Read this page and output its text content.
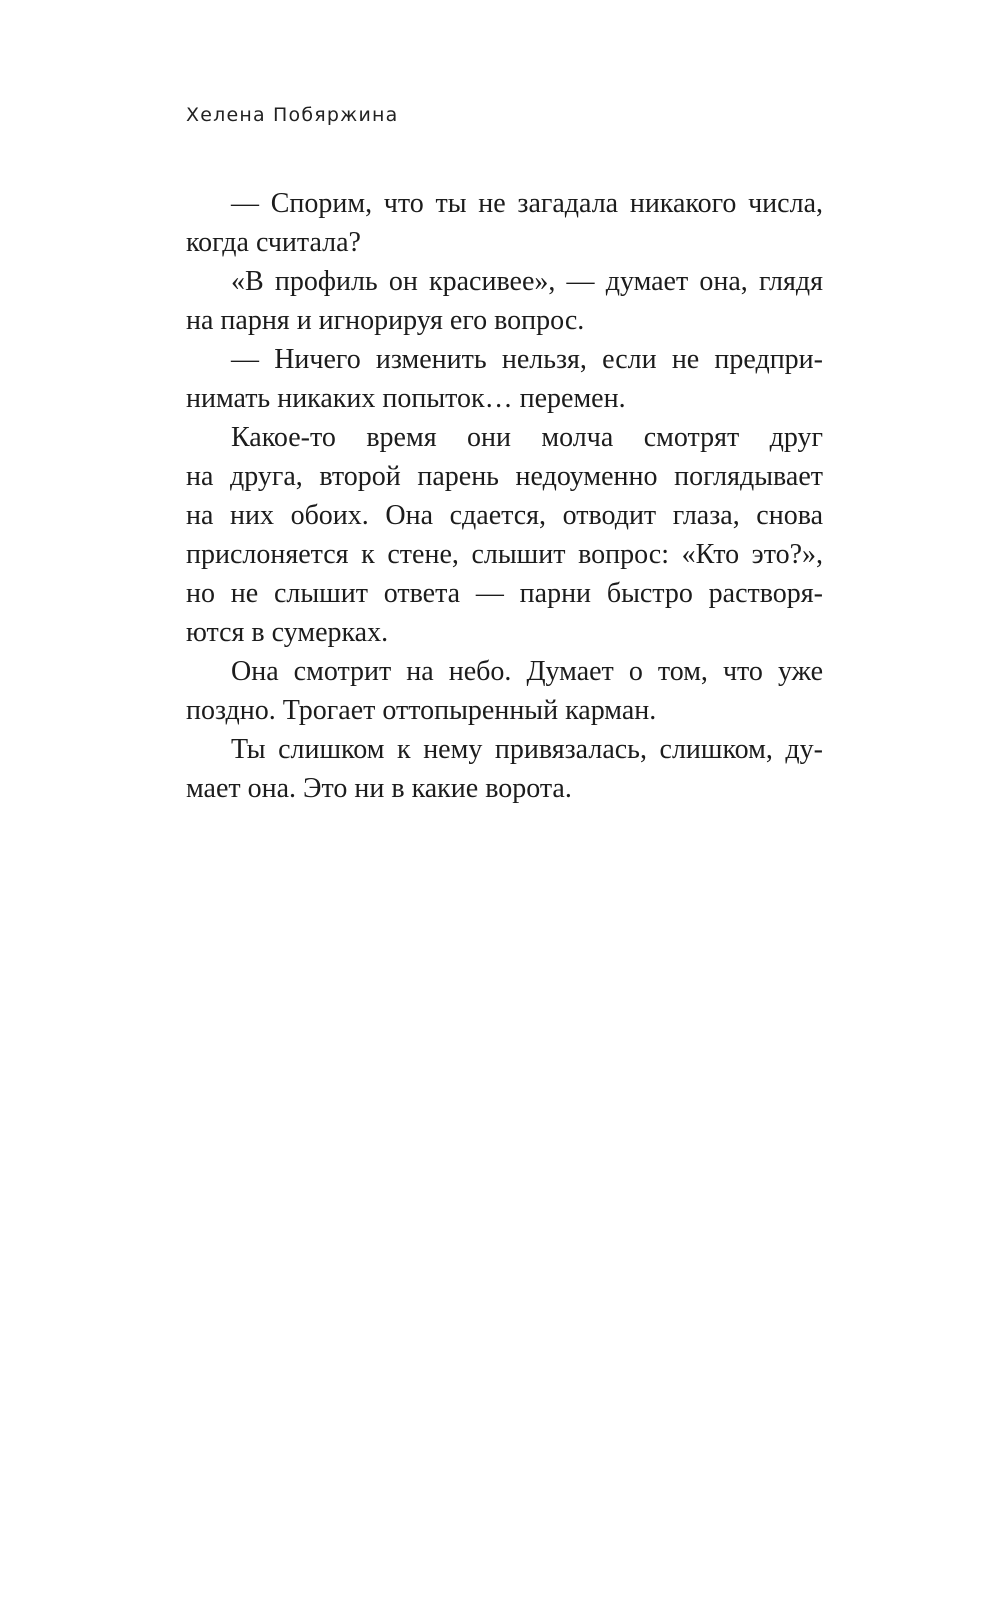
Хелена Побяржина

— Спорим, что ты не загадала никакого числа,
когда считала?

«В профиль он красивее», — думает она, глядя
на парня и игнорируя его вопрос.

— Ничего изменить нельзя, если не предпри-
нимать никаких попыток… перемен.

Какое-то время они молча смотрят друг
на друга, второй парень недоуменно поглядывает
на них обоих. Она сдается, отводит глаза, снова
прислоняется к стене, слышит вопрос: «Кто это?»,
но не слышит ответа — парни быстро растворя-
ются в сумерках.

Она смотрит на небо. Думает о том, что уже
поздно. Трогает оттопыренный карман.

Ты слишком к нему привязалась, слишком, ду-
мает она. Это ни в какие ворота.
